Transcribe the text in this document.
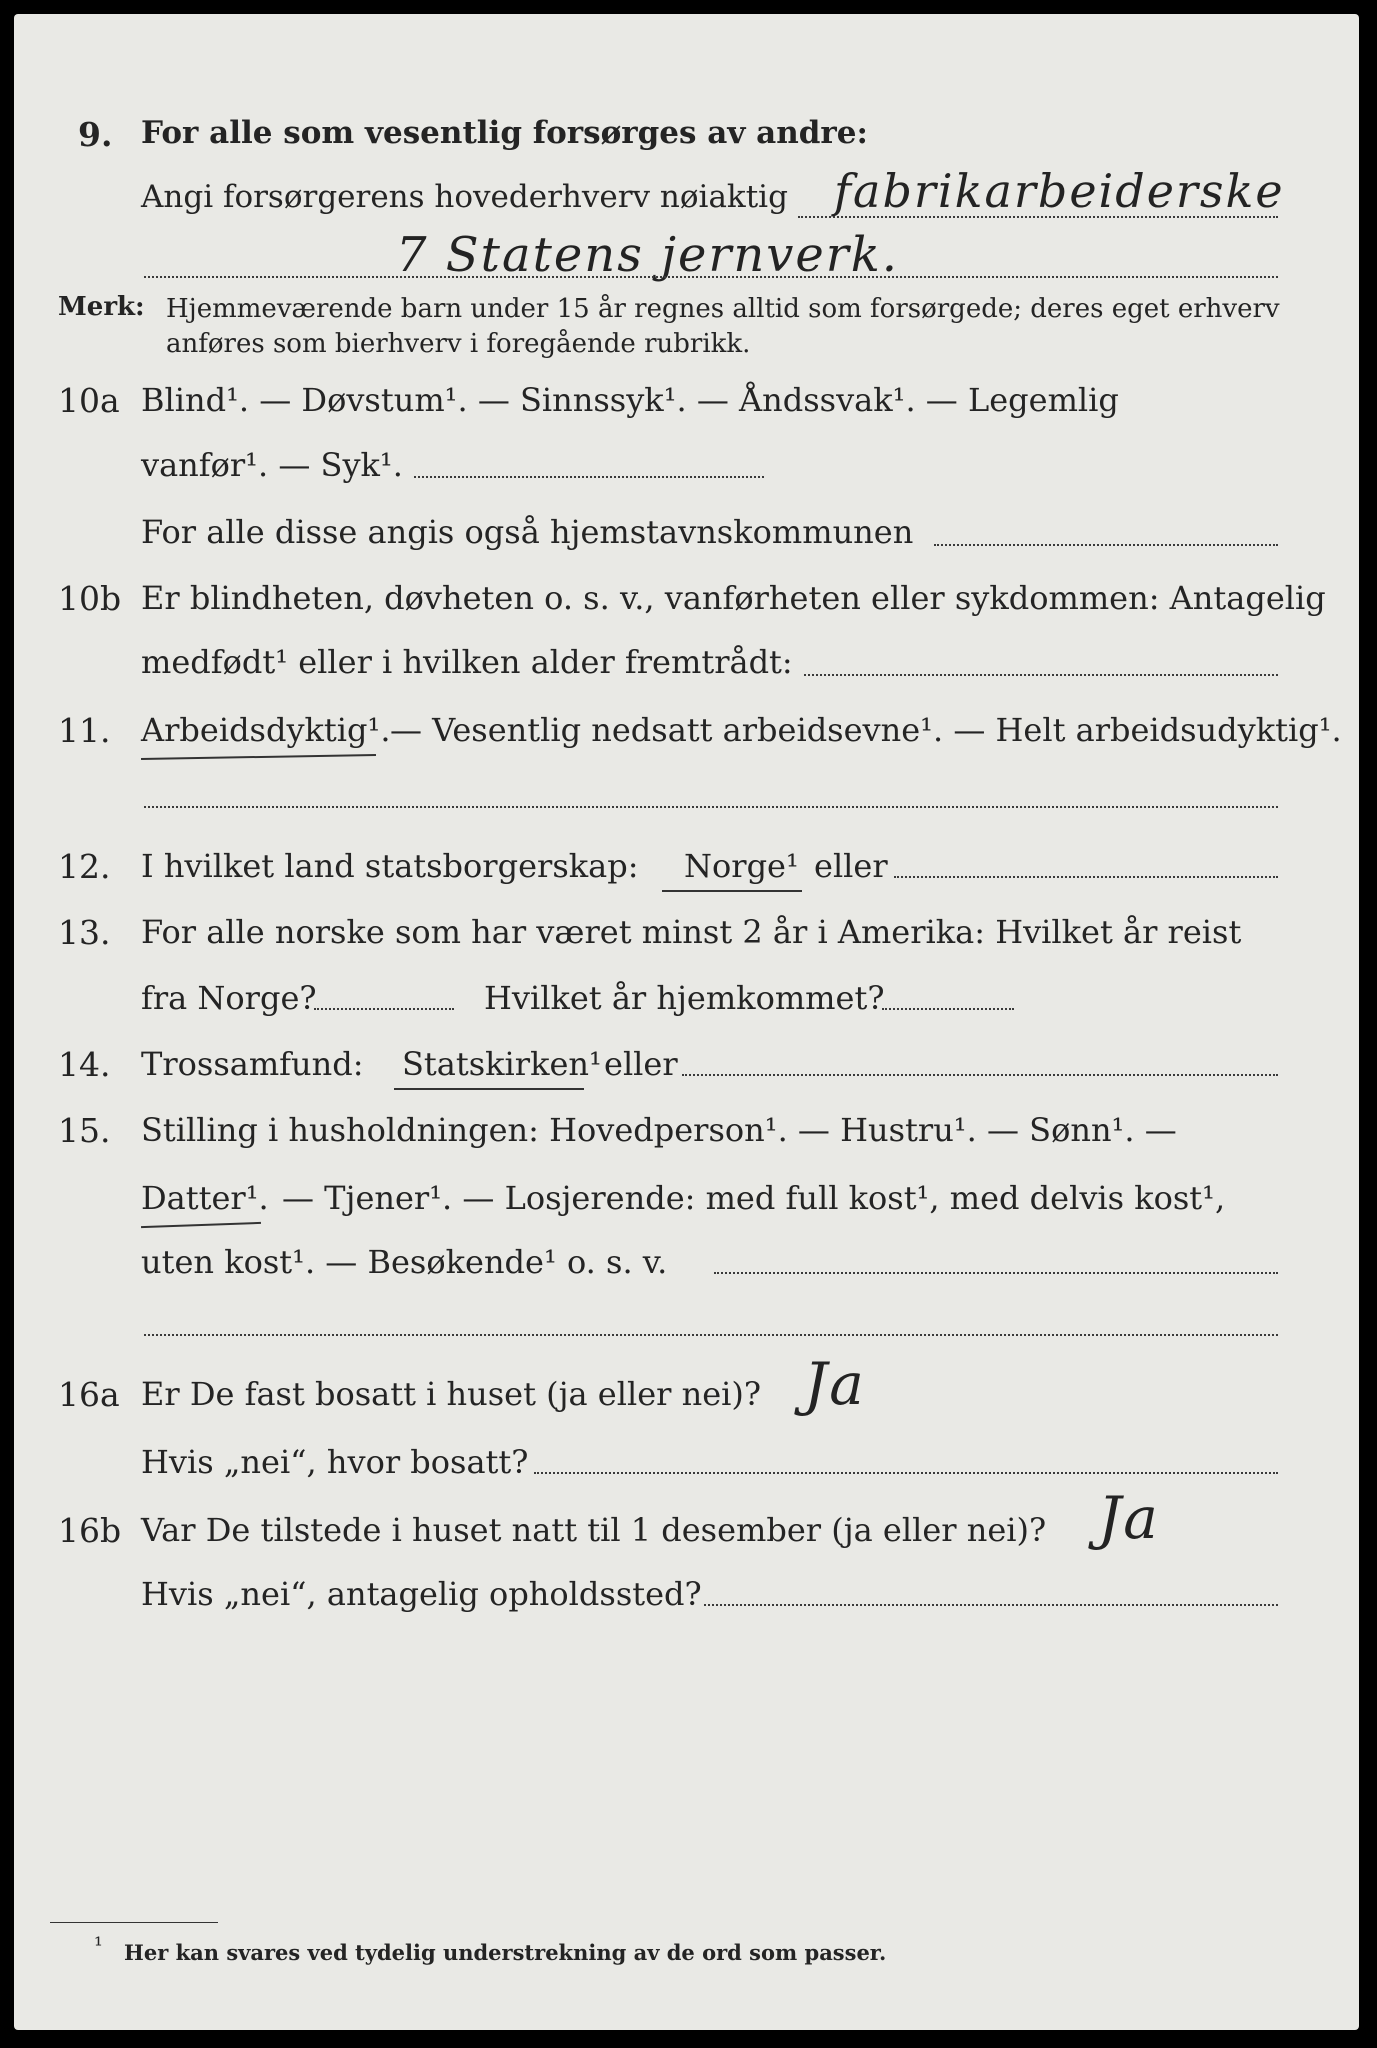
9. For alle som vesentlig forsørges av andre:
Angi forsørgerens hovederhverv nøiaktig fabrikarbeiderske
7 Statens jernverk.
Merk: Hjemmeværende barn under 15 år regnes alltid som forsørgede; deres eget erhverv
anføres som bierhverv i foregående rubrikk.
10a Blind¹. — Døvstum¹. — Sinnssyk¹. — Åndssvak¹. — Legemlig
vanfør¹. — Syk¹.
For alle disse angis også hjemstavnskommunen
10b Er blindheten, døvheten o. s. v., vanførheten eller sykdommen: Antagelig
medfødt¹ eller i hvilken alder fremtrådt:
11. Arbeidsdyktig¹. — Vesentlig nedsatt arbeidsevne¹. — Helt arbeidsudyktig¹.
12. I hvilket land statsborgerskap: Norge¹ eller
13. For alle norske som har været minst 2 år i Amerika: Hvilket år reist
fra Norge?	Hvilket år hjemkommet?
14. Trossamfund: Statskirken¹ eller
15. Stilling i husholdningen: Hovedperson¹. — Hustru¹. — Sønn¹. —
Datter¹. — Tjener¹. — Losjerende: med full kost¹, med delvis kost¹,
uten kost¹. — Besøkende¹ o. s. v.
16a Er De fast bosatt i huset (ja eller nei)? Ja
Hvis „nei“, hvor bosatt?
16b Var De tilstede i huset natt til 1 desember (ja eller nei)? Ja
Hvis „nei“, antagelig opholdssted?
¹ Her kan svares ved tydelig understrekning av de ord som passer.
